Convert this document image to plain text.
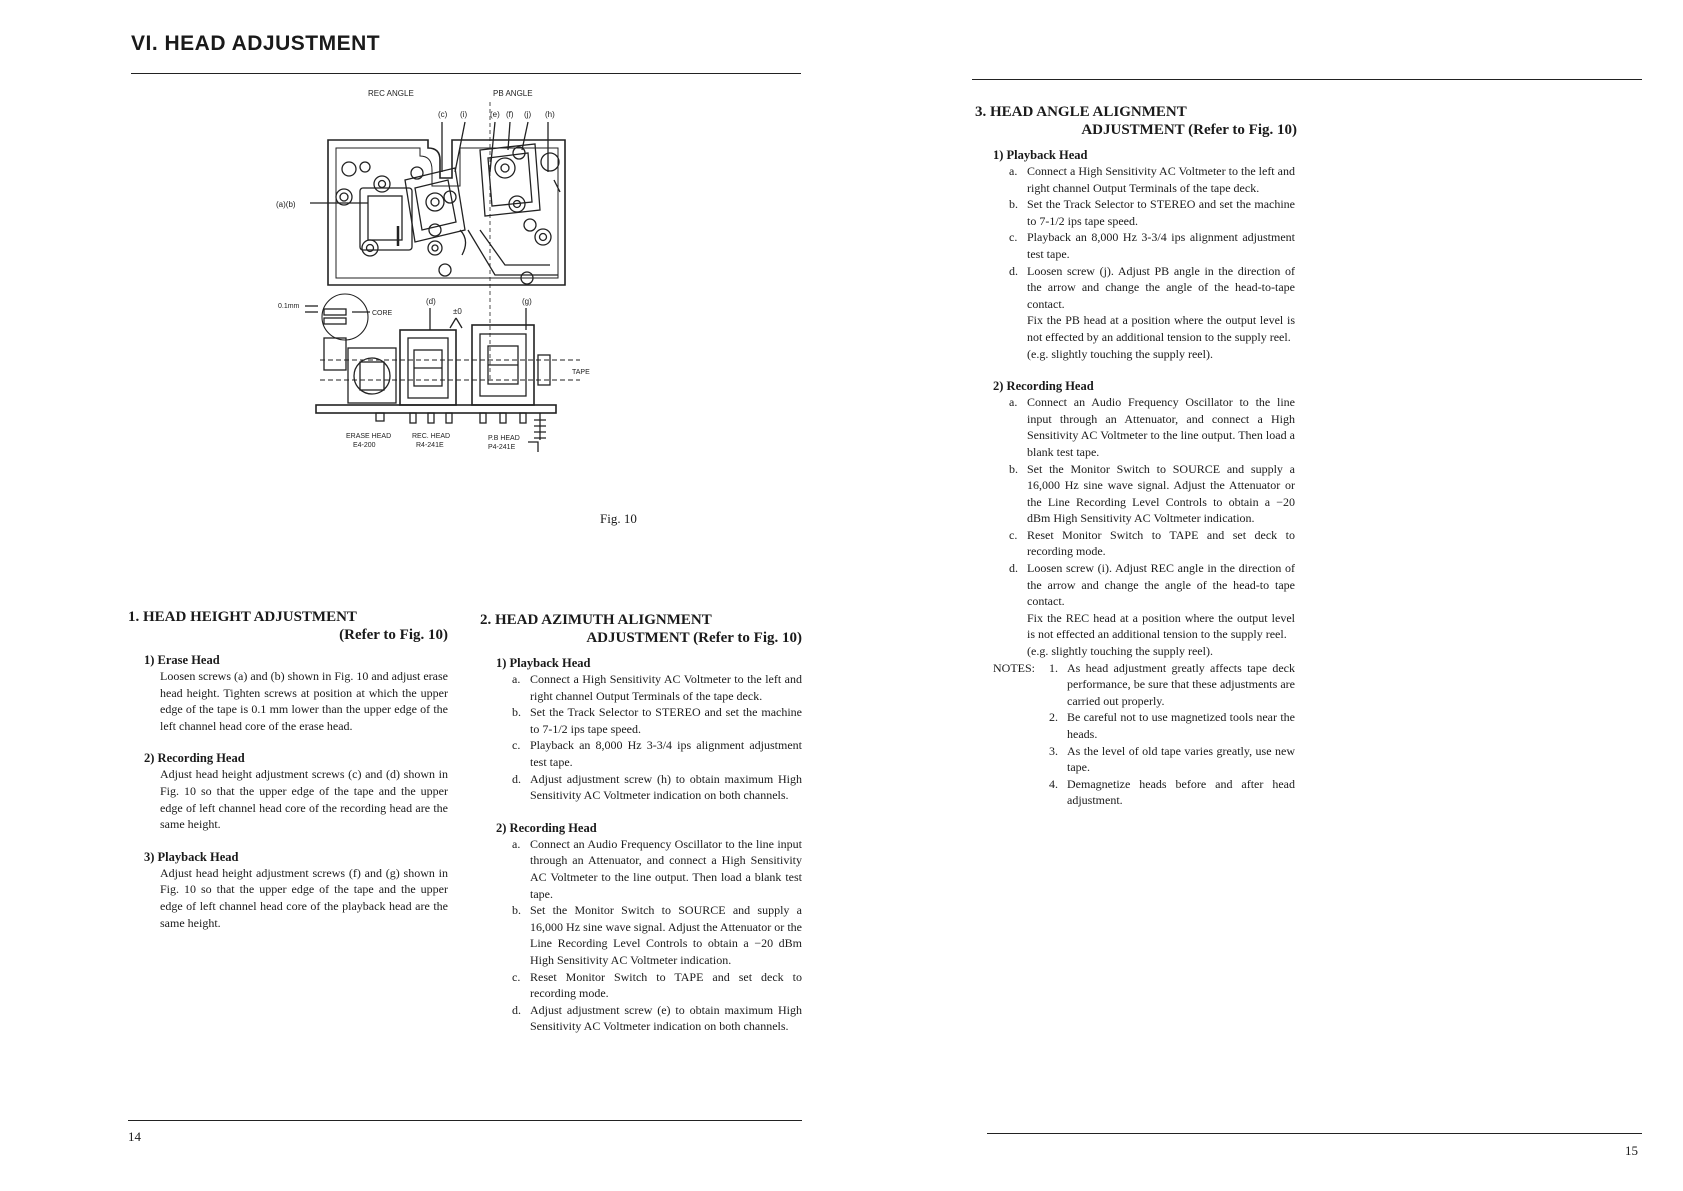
VI. HEAD ADJUSTMENT
REC ANGLE	PB ANGLE
(c) (i)	(e) (f) (j) (h)
(a)(b)
0.1mm
CORE
(d)
±0
(g)
TAPE
ERASE HEAD
E4-200
REC. HEAD
R4-241E
P.B HEAD
P4-241E
Fig. 10
1. HEAD HEIGHT ADJUSTMENT
(Refer to Fig. 10)
1) Erase Head
Loosen screws (a) and (b) shown in Fig. 10 and adjust erase head height. Tighten screws at position at which the upper edge of the tape is 0.1 mm lower than the upper edge of the left channel head core of the erase head.
2) Recording Head
Adjust head height adjustment screws (c) and (d) shown in Fig. 10 so that the upper edge of the tape and the upper edge of left channel head core of the recording head are the same height.
3) Playback Head
Adjust head height adjustment screws (f) and (g) shown in Fig. 10 so that the upper edge of the tape and the upper edge of left channel head core of the playback head are the same height.
2. HEAD AZIMUTH ALIGNMENT
ADJUSTMENT (Refer to Fig. 10)
1) Playback Head
a. Connect a High Sensitivity AC Voltmeter to the left and right channel Output Terminals of the tape deck.
b. Set the Track Selector to STEREO and set the machine to 7-1/2 ips tape speed.
c. Playback an 8,000 Hz 3-3/4 ips alignment adjustment test tape.
d. Adjust adjustment screw (h) to obtain maximum High Sensitivity AC Voltmeter indication on both channels.
2) Recording Head
a. Connect an Audio Frequency Oscillator to the line input through an Attenuator, and connect a High Sensitivity AC Voltmeter to the line output. Then load a blank test tape.
b. Set the Monitor Switch to SOURCE and supply a 16,000 Hz sine wave signal. Adjust the Attenuator or the Line Recording Level Controls to obtain a −20 dBm High Sensitivity AC Voltmeter indication.
c. Reset Monitor Switch to TAPE and set deck to recording mode.
d. Adjust adjustment screw (e) to obtain maximum High Sensitivity AC Voltmeter indication on both channels.
14
3. HEAD ANGLE ALIGNMENT
ADJUSTMENT (Refer to Fig. 10)
1) Playback Head
a. Connect a High Sensitivity AC Voltmeter to the left and right channel Output Terminals of the tape deck.
b. Set the Track Selector to STEREO and set the machine to 7-1/2 ips tape speed.
c. Playback an 8,000 Hz 3-3/4 ips alignment adjustment test tape.
d. Loosen screw (j). Adjust PB angle in the direction of the arrow and change the angle of the head-to-tape contact.
Fix the PB head at a position where the output level is not effected by an additional tension to the supply reel.
(e.g. slightly touching the supply reel).
2) Recording Head
a. Connect an Audio Frequency Oscillator to the line input through an Attenuator, and connect a High Sensitivity AC Voltmeter to the line output. Then load a blank test tape.
b. Set the Monitor Switch to SOURCE and supply a 16,000 Hz sine wave signal. Adjust the Attenuator or the Line Recording Level Controls to obtain a −20 dBm High Sensitivity AC Voltmeter indication.
c. Reset Monitor Switch to TAPE and set deck to recording mode.
d. Loosen screw (i). Adjust REC angle in the direction of the arrow and change the angle of the head-to tape contact.
Fix the REC head at a position where the output level is not effected an additional tension to the supply reel.
(e.g. slightly touching the supply reel).
NOTES:	1. As head adjustment greatly affects tape deck performance, be sure that these adjustments are carried out properly.
2. Be careful not to use magnetized tools near the heads.
3. As the level of old tape varies greatly, use new tape.
4. Demagnetize heads before and after head adjustment.
15
